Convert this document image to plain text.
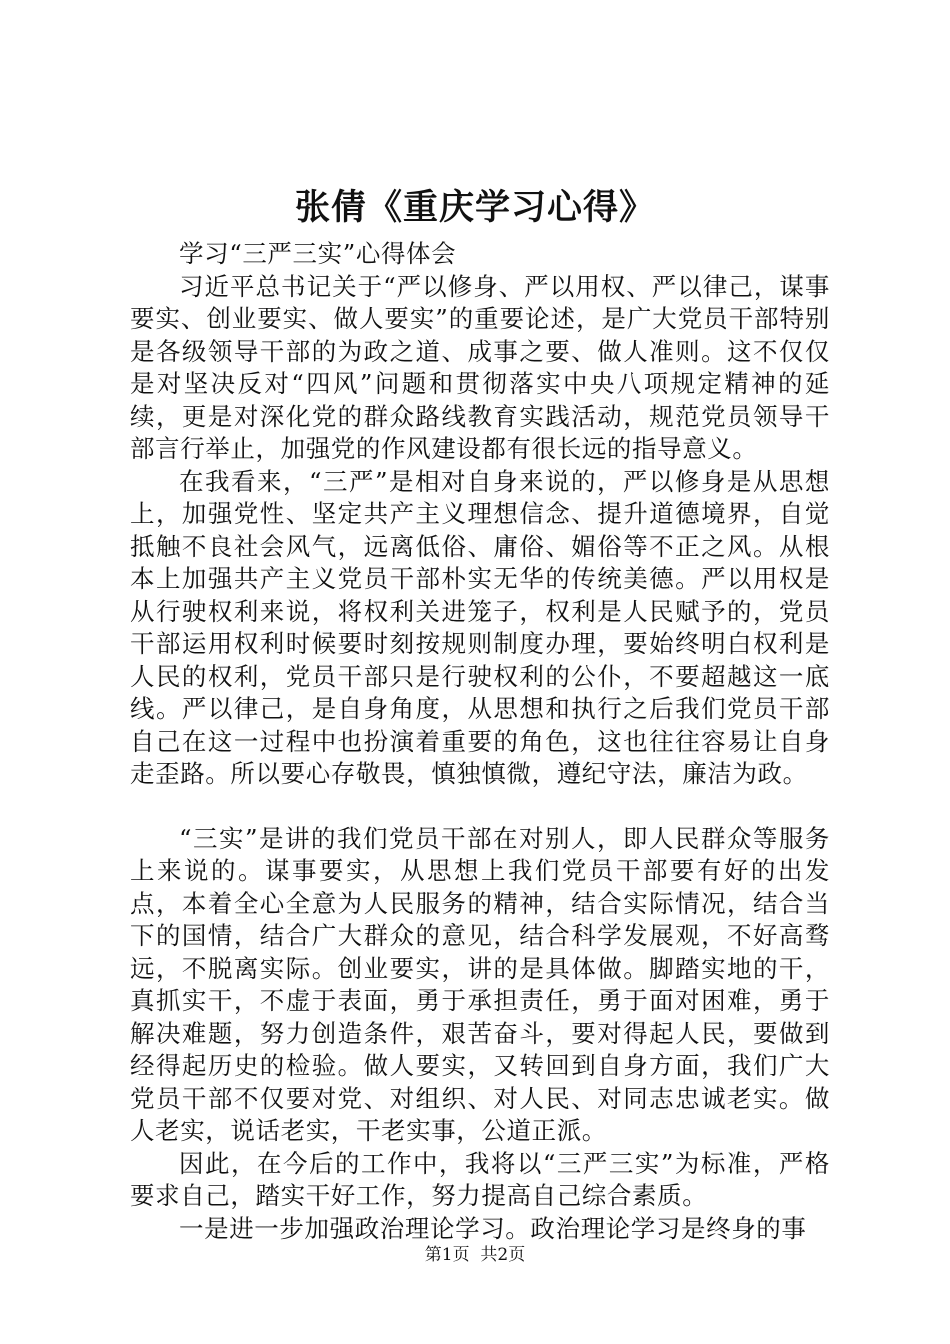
张倩《重庆学习心得》

学习“三严三实”心得体会

习近平总书记关于“严以修身、严以用权、严以律己，谋事要实、创业要实、做人要实”的重要论述，是广大党员干部特别是各级领导干部的为政之道、成事之要、做人准则。这不仅仅是对坚决反对“四风”问题和贯彻落实中央八项规定精神的延续，更是对深化党的群众路线教育实践活动，规范党员领导干部言行举止，加强党的作风建设都有很长远的指导意义。

在我看来，“三严”是相对自身来说的，严以修身是从思想上，加强党性、坚定共产主义理想信念、提升道德境界，自觉抵触不良社会风气，远离低俗、庸俗、媚俗等不正之风。从根本上加强共产主义党员干部朴实无华的传统美德。严以用权是从行驶权利来说，将权利关进笼子，权利是人民赋予的，党员干部运用权利时候要时刻按规则制度办理，要始终明白权利是人民的权利，党员干部只是行驶权利的公仆，不要超越这一底线。严以律己，是自身角度，从思想和执行之后我们党员干部自己在这一过程中也扮演着重要的角色，这也往往容易让自身走歪路。所以要心存敬畏，慎独慎微，遵纪守法，廉洁为政。

“三实”是讲的我们党员干部在对别人，即人民群众等服务上来说的。谋事要实，从思想上我们党员干部要有好的出发点，本着全心全意为人民服务的精神，结合实际情况，结合当下的国情，结合广大群众的意见，结合科学发展观，不好高骛远，不脱离实际。创业要实，讲的是具体做。脚踏实地的干，真抓实干，不虚于表面，勇于承担责任，勇于面对困难，勇于解决难题，努力创造条件，艰苦奋斗，要对得起人民，要做到经得起历史的检验。做人要实，又转回到自身方面，我们广大党员干部不仅要对党、对组织、对人民、对同志忠诚老实。做人老实，说话老实，干老实事，公道正派。

因此，在今后的工作中，我将以“三严三实”为标准，严格要求自己，踏实干好工作，努力提高自己综合素质。

一是进一步加强政治理论学习。政治理论学习是终身的事

第1页  共2页
